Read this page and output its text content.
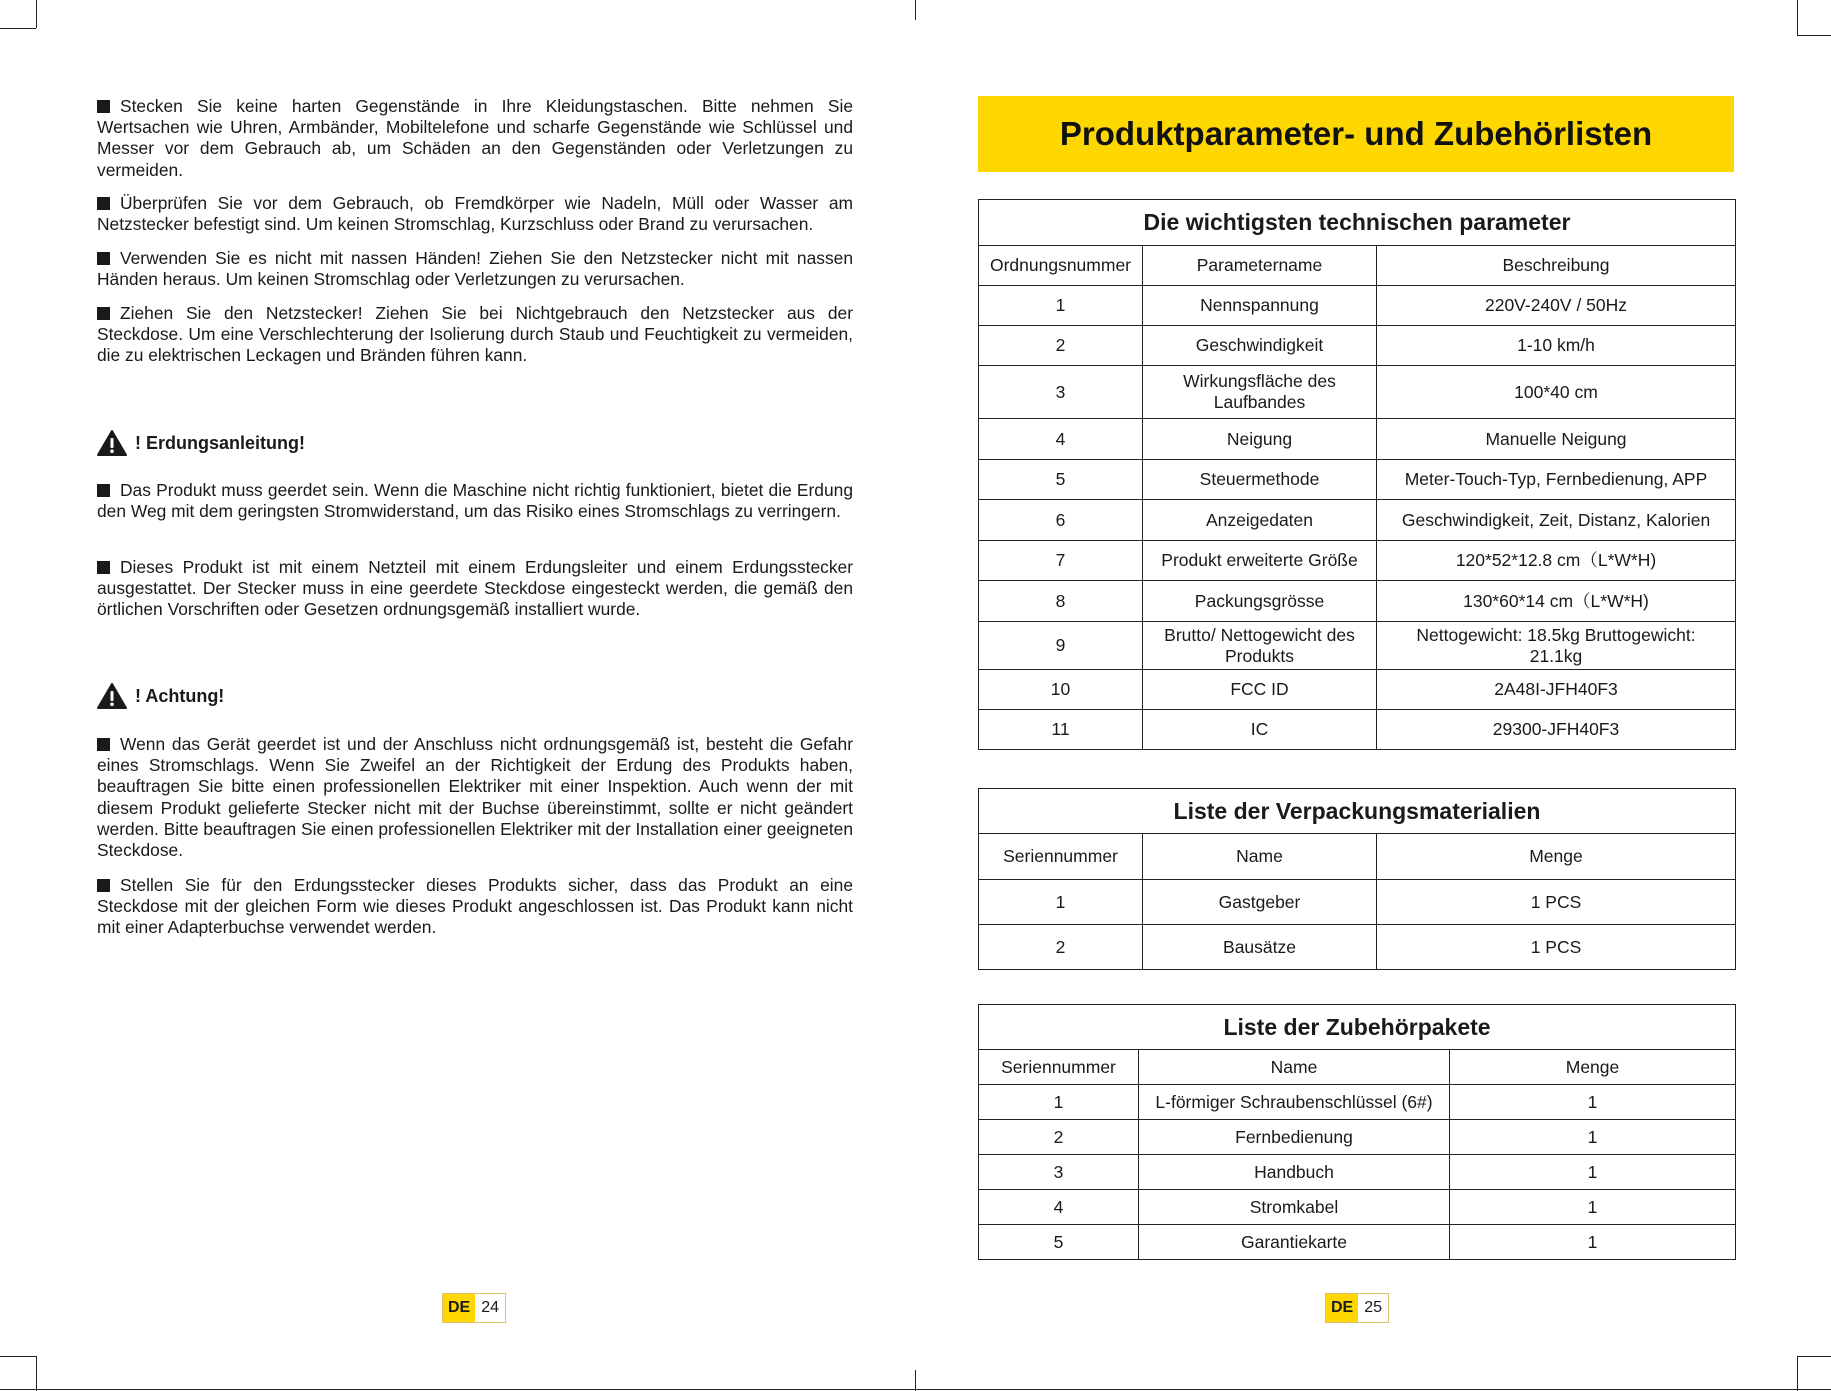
Stecken Sie keine harten Gegenstände in Ihre Kleidungstaschen. Bitte nehmen Sie Wertsachen wie Uhren, Armbänder, Mobiltelefone und scharfe Gegenstände wie Schlüssel und Messer vor dem Gebrauch ab, um Schäden an den Gegenständen oder Verletzungen zu vermeiden.

Überprüfen Sie vor dem Gebrauch, ob Fremdkörper wie Nadeln, Müll oder Wasser am Netzstecker befestigt sind. Um keinen Stromschlag, Kurzschluss oder Brand zu verursachen.

Verwenden Sie es nicht mit nassen Händen! Ziehen Sie den Netzstecker nicht mit nassen Händen heraus. Um keinen Stromschlag oder Verletzungen zu verursachen.

Ziehen Sie den Netzstecker! Ziehen Sie bei Nichtgebrauch den Netzstecker aus der Steckdose. Um eine Verschlechterung der Isolierung durch Staub und Feuchtigkeit zu vermeiden, die zu elektrischen Leckagen und Bränden führen kann.

! Erdungsanleitung!

Das Produkt muss geerdet sein. Wenn die Maschine nicht richtig funktioniert, bietet die Erdung den Weg mit dem geringsten Stromwiderstand, um das Risiko eines Stromschlags zu verringern.

Dieses Produkt ist mit einem Netzteil mit einem Erdungsleiter und einem Erdungsstecker ausgestattet. Der Stecker muss in eine geerdete Steckdose eingesteckt werden, die gemäß den örtlichen Vorschriften oder Gesetzen ordnungsgemäß installiert wurde.

! Achtung!

Wenn das Gerät geerdet ist und der Anschluss nicht ordnungsgemäß ist, besteht die Gefahr eines Stromschlags. Wenn Sie Zweifel an der Richtigkeit der Erdung des Produkts haben, beauftragen Sie bitte einen professionellen Elektriker mit einer Inspektion. Auch wenn der mit diesem Produkt gelieferte Stecker nicht mit der Buchse übereinstimmt, sollte er nicht geändert werden. Bitte beauftragen Sie einen professionellen Elektriker mit der Installation einer geeigneten Steckdose.

Stellen Sie für den Erdungsstecker dieses Produkts sicher, dass das Produkt an eine Steckdose mit der gleichen Form wie dieses Produkt angeschlossen ist. Das Produkt kann nicht mit einer Adapterbuchse verwendet werden.

DE 24
Produktparameter- und Zubehörlisten
Die wichtigsten technischen parameter		
Ordnungsnummer	Parametername	Beschreibung
1	Nennspannung	220V-240V / 50Hz
2	Geschwindigkeit	1-10 km/h
3	Wirkungsfläche des Laufbandes	100*40 cm
4	Neigung	Manuelle Neigung
5	Steuermethode	Meter-Touch-Typ, Fernbedienung, APP
6	Anzeigedaten	Geschwindigkeit, Zeit, Distanz, Kalorien
7	Produkt erweiterte Größe	120*52*12.8 cm（L*W*H)
8	Packungsgrösse	130*60*14 cm（L*W*H)
9	Brutto/ Nettogewicht des Produkts	Nettogewicht: 18.5kg Bruttogewicht: 21.1kg
10	FCC ID	2A48I-JFH40F3
11	IC	29300-JFH40F3
Liste der Verpackungsmaterialien		
Seriennummer	Name	Menge
1	Gastgeber	1 PCS
2	Bausätze	1 PCS
Liste der Zubehörpakete		
Seriennummer	Name	Menge
1	L-förmiger Schraubenschlüssel (6#)	1
2	Fernbedienung	1
3	Handbuch	1
4	Stromkabel	1
5	Garantiekarte	1
DE 25
